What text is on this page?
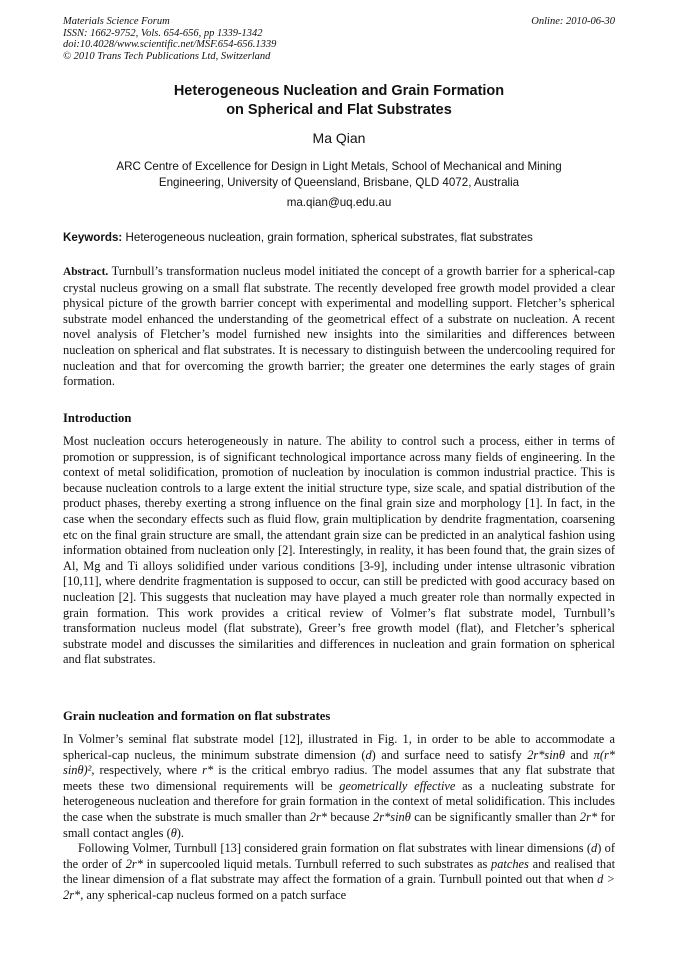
Materials Science Forum
ISSN: 1662-9752, Vols. 654-656, pp 1339-1342
doi:10.4028/www.scientific.net/MSF.654-656.1339
© 2010 Trans Tech Publications Ltd, Switzerland
Online: 2010-06-30
Heterogeneous Nucleation and Grain Formation
on Spherical and Flat Substrates
Ma Qian
ARC Centre of Excellence for Design in Light Metals, School of Mechanical and Mining
Engineering, University of Queensland, Brisbane, QLD 4072, Australia
ma.qian@uq.edu.au
Keywords: Heterogeneous nucleation, grain formation, spherical substrates, flat substrates
Abstract. Turnbull’s transformation nucleus model initiated the concept of a growth barrier for a spherical-cap crystal nucleus growing on a small flat substrate. The recently developed free growth model provided a clear physical picture of the growth barrier concept with experimental and modelling support. Fletcher’s spherical substrate model enhanced the understanding of the geometrical effect of a substrate on nucleation. A recent novel analysis of Fletcher’s model furnished new insights into the similarities and differences between nucleation on spherical and flat substrates. It is necessary to distinguish between the undercooling required for nucleation and that for overcoming the growth barrier; the greater one determines the early stages of grain formation.
Introduction
Most nucleation occurs heterogeneously in nature. The ability to control such a process, either in terms of promotion or suppression, is of significant technological importance across many fields of engineering. In the context of metal solidification, promotion of nucleation by inoculation is common industrial practice. This is because nucleation controls to a large extent the initial structure type, size scale, and spatial distribution of the product phases, thereby exerting a strong influence on the final grain size and morphology [1]. In fact, in the case when the secondary effects such as fluid flow, grain multiplication by dendrite fragmentation, coarsening etc on the final grain structure are small, the attendant grain size can be predicted in an analytical fashion using information obtained from nucleation only [2]. Interestingly, in reality, it has been found that, the grain sizes of Al, Mg and Ti alloys solidified under various conditions [3-9], including under intense ultrasonic vibration [10,11], where dendrite fragmentation is supposed to occur, can still be predicted with good accuracy based on nucleation [2]. This suggests that nucleation may have played a much greater role than normally expected in grain formation. This work provides a critical review of Volmer’s flat substrate model, Turnbull’s transformation nucleus model (flat substrate), Greer’s free growth model (flat), and Fletcher’s spherical substrate model and discusses the similarities and differences in nucleation and grain formation on spherical and flat substrates.
Grain nucleation and formation on flat substrates

In Volmer’s seminal flat substrate model [12], illustrated in Fig. 1, in order to be able to accommodate a spherical-cap nucleus, the minimum substrate dimension (d) and surface need to satisfy 2r*sinθ and π(r* sinθ)², respectively, where r* is the critical embryo radius. The model assumes that any flat substrate that meets these two dimensional requirements will be geometrically effective as a nucleating substrate for heterogeneous nucleation and therefore for grain formation in the context of metal solidification. This includes the case when the substrate is much smaller than 2r* because 2r*sinθ can be significantly smaller than 2r* for small contact angles (θ).

Following Volmer, Turnbull [13] considered grain formation on flat substrates with linear dimensions (d) of the order of 2r* in supercooled liquid metals. Turnbull referred to such substrates as patches and realised that the linear dimension of a flat substrate may affect the formation of a grain. Turnbull pointed out that when d > 2r*, any spherical-cap nucleus formed on a patch surface
